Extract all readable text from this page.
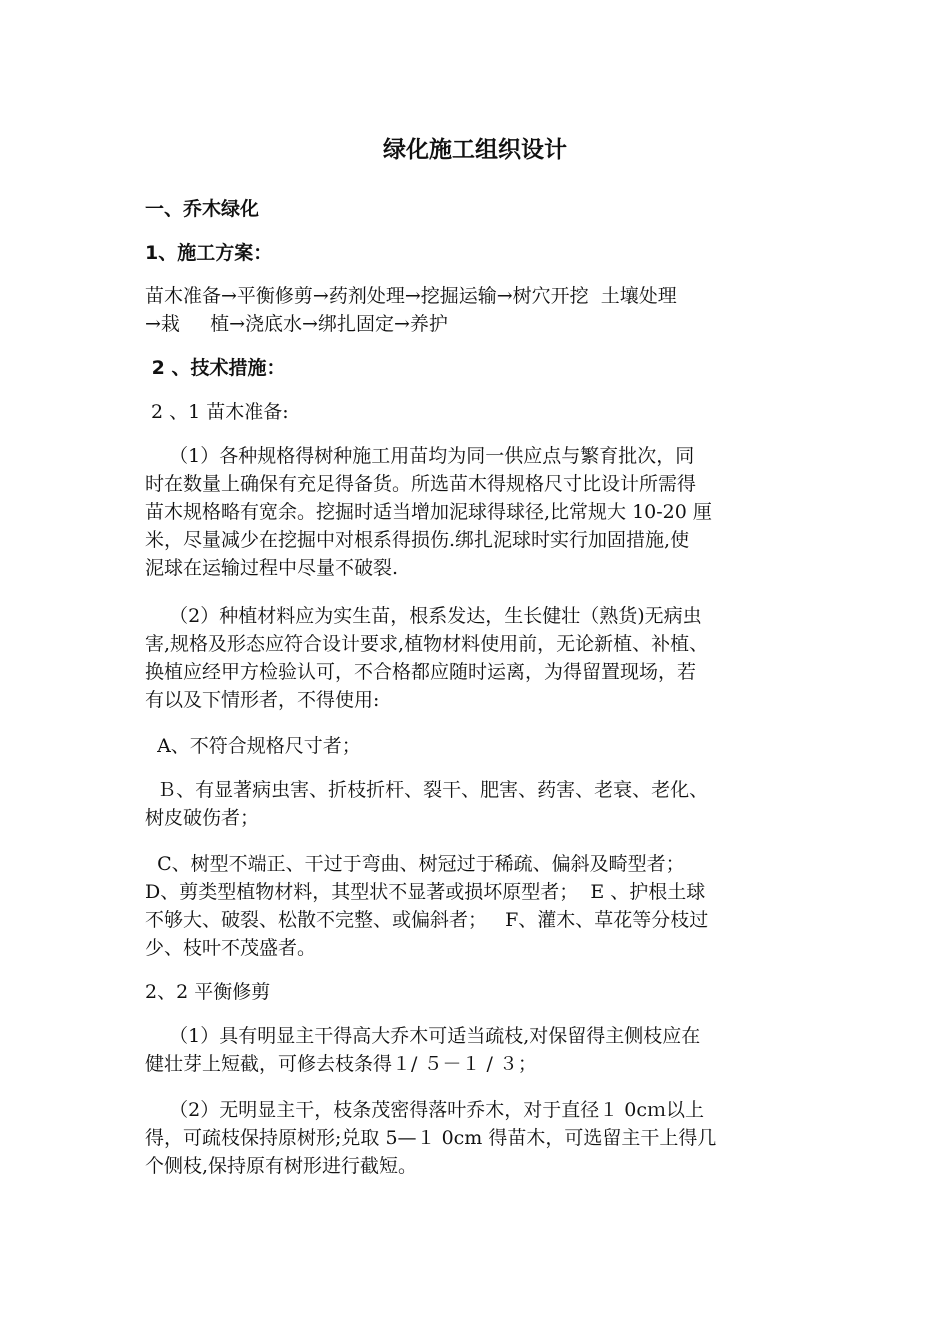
绿化施工组织设计

一、乔木绿化

1、施工方案：

苗木准备→平衡修剪→药剂处理→挖掘运输→树穴开挖  土壤处理

→栽     植→浇底水→绑扎固定→养护

2 、技术措施：

2 、1 苗木准备:

（1）各种规格得树种施工用苗均为同一供应点与繁育批次，同

时在数量上确保有充足得备货。所选苗木得规格尺寸比设计所需得

苗木规格略有宽余。挖掘时适当增加泥球得球径,比常规大 10-20 厘

米，尽量减少在挖掘中对根系得损伤.绑扎泥球时实行加固措施,使

泥球在运输过程中尽量不破裂.

（2）种植材料应为实生苗，根系发达，生长健壮（熟货)无病虫

害,规格及形态应符合设计要求,植物材料使用前，无论新植、补植、

换植应经甲方检验认可，不合格都应随时运离，为得留置现场，若

有以及下情形者，不得使用:

A、不符合规格尺寸者；

Ｂ、有显著病虫害、折枝折杆、裂干、肥害、药害、老衰、老化、

树皮破伤者；

C、树型不端正、干过于弯曲、树冠过于稀疏、偏斜及畸型者；

D、剪类型植物材料，其型状不显著或损坏原型者；  E 、护根土球

不够大、破裂、松散不完整、或偏斜者；   F、灌木、草花等分枝过

少、枝叶不茂盛者。

2、2 平衡修剪

（1）具有明显主干得高大乔木可适当疏枝,对保留得主侧枝应在

健壮芽上短截，可修去枝条得１/ ５－１ / ３；

（2）无明显主干，枝条茂密得落叶乔木，对于直径１ 0cｍ以上

得，可疏枝保持原树形;兑取 5—１ 0cm 得苗木，可选留主干上得几

个侧枝,保持原有树形进行截短。
